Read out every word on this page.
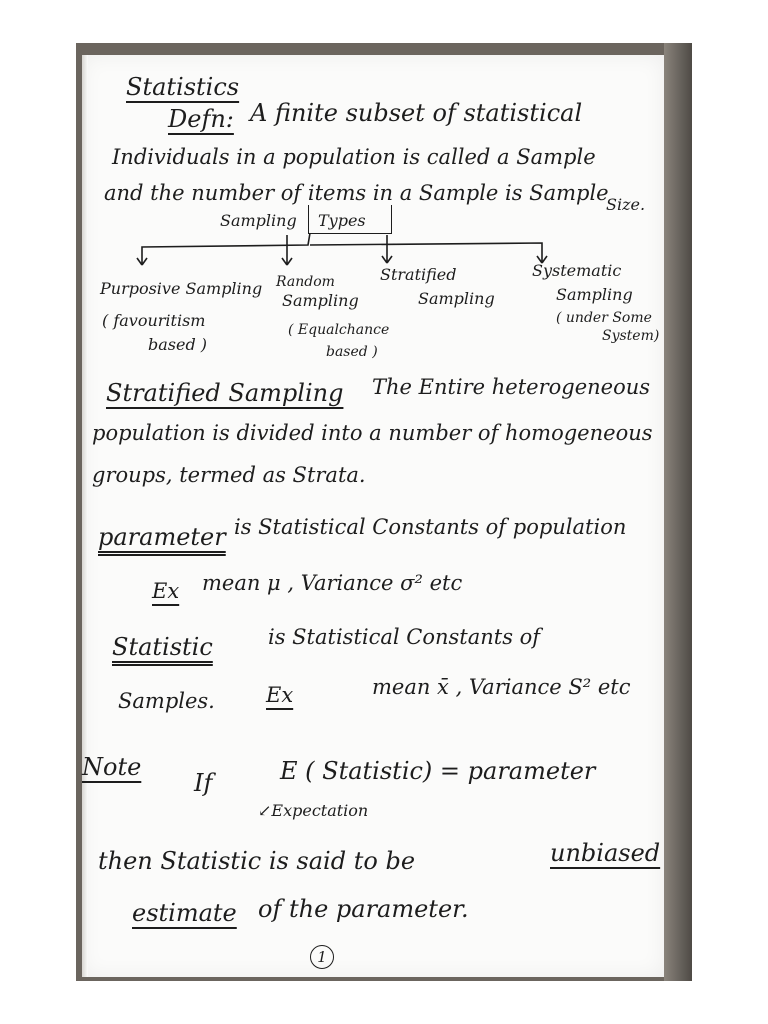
Statistics
Defn: A finite subset of statistical
Individuals in a population is called a Sample
and the number of items in a Sample is Sample
Size.
Sampling Types
Purposive Sampling
( favouritism
based )
Random
Sampling
( Equalchance
based )
Stratified
Sampling
Systematic
Sampling
( under Some
System)
Stratified Sampling The Entire heterogeneous
population is divided into a number of homogeneous
groups, termed as Strata.
parameter is Statistical Constants of population
Ex mean μ , Variance σ² etc
Statistic	is Statistical Constants of
Samples. Ex	mean x̄ , Variance S² etc
Note
If	E ( Statistic) = parameter
↙Expectation
then Statistic is said to be	unbiased
estimate of the parameter.
1
